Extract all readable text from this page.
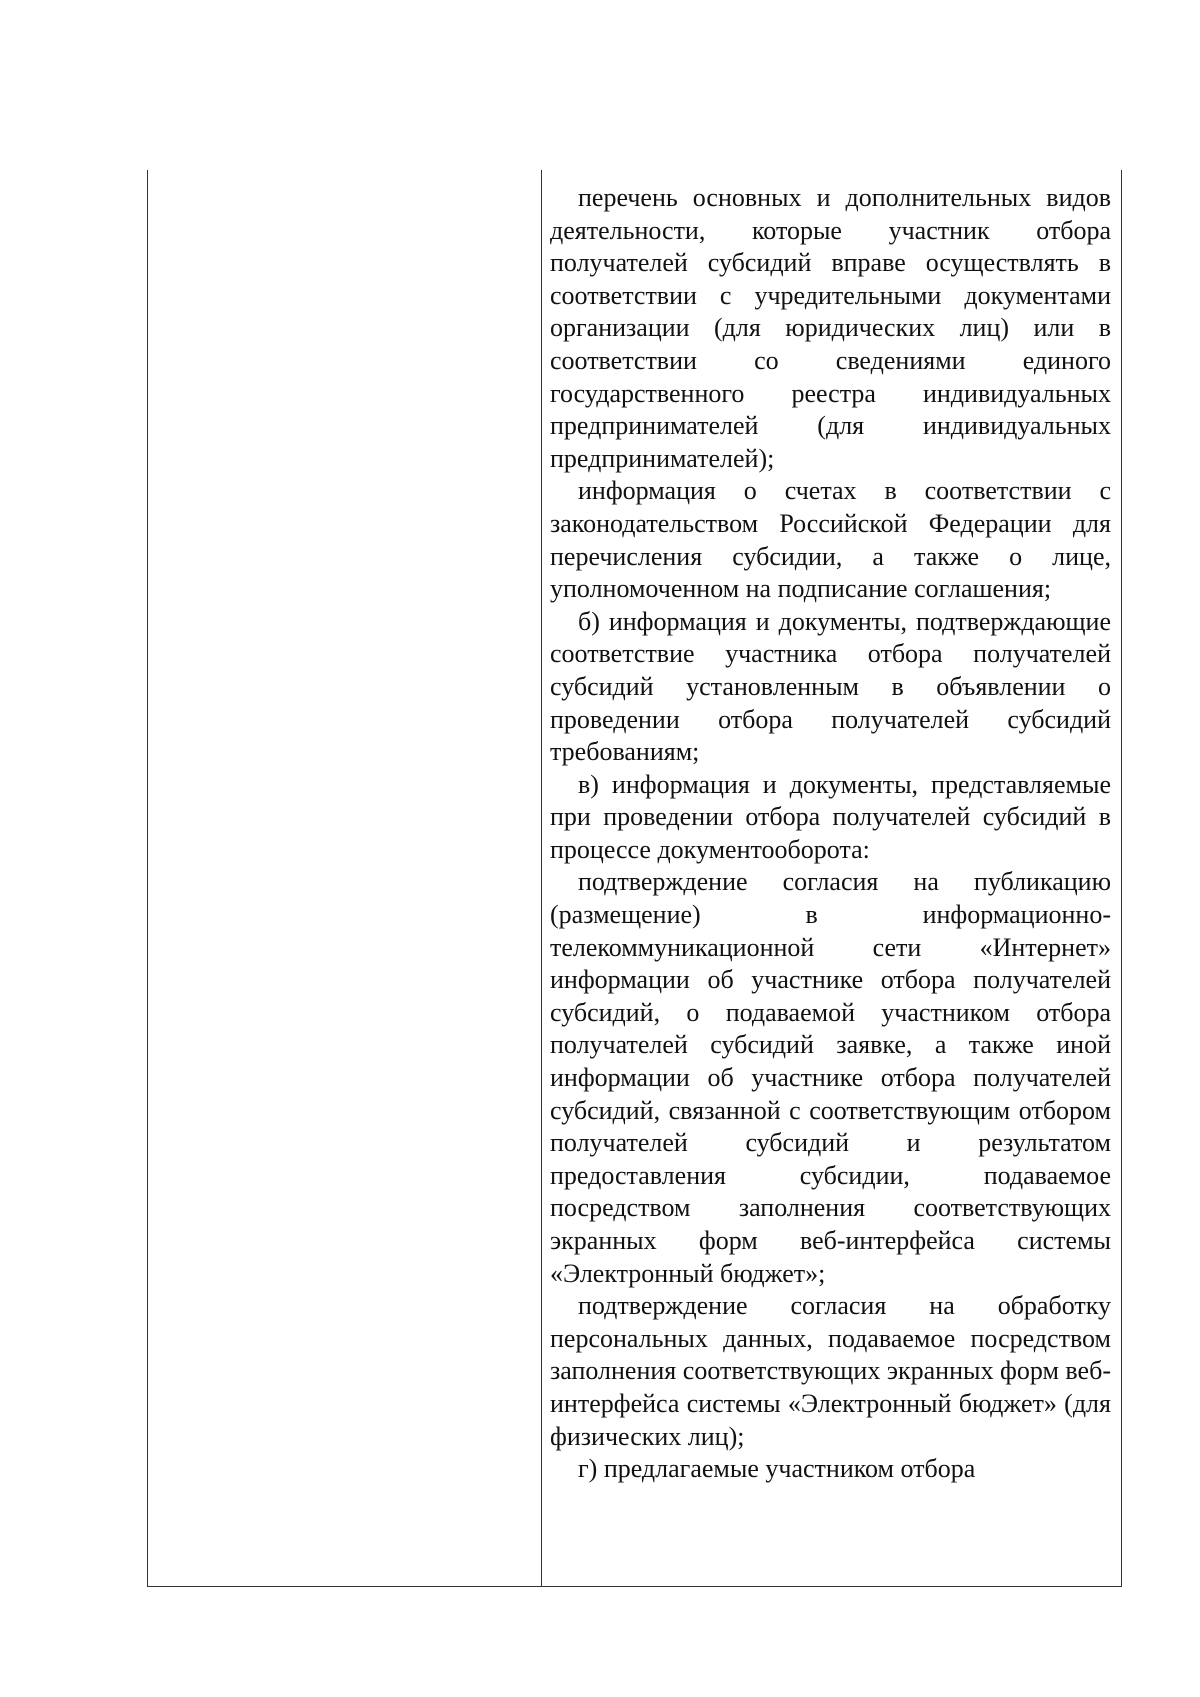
перечень основных и дополнительных видов деятельности, которые участник отбора получателей субсидий вправе осуществлять в соответствии с учредительными документами организации (для юридических лиц) или в соответствии со сведениями единого государственного реестра индивидуальных предпринимателей (для индивидуальных предпринимателей);

информация о счетах в соответствии с законодательством Российской Федерации для перечисления субсидии, а также о лице, уполномоченном на подписание соглашения;

б) информация и документы, подтверждающие соответствие участника отбора получателей субсидий установленным в объявлении о проведении отбора получателей субсидий требованиям;

в) информация и документы, представляемые при проведении отбора получателей субсидий в процессе документооборота:

подтверждение согласия на публикацию (размещение) в информационно-телекоммуникационной сети «Интернет» информации об участнике отбора получателей субсидий, о подаваемой участником отбора получателей субсидий заявке, а также иной информации об участнике отбора получателей субсидий, связанной с соответствующим отбором получателей субсидий и результатом предоставления субсидии, подаваемое посредством заполнения соответствующих экранных форм веб-интерфейса системы «Электронный бюджет»;

подтверждение согласия на обработку персональных данных, подаваемое посредством заполнения соответствующих экранных форм веб-интерфейса системы «Электронный бюджет» (для физических лиц);

г) предлагаемые участником отбора
